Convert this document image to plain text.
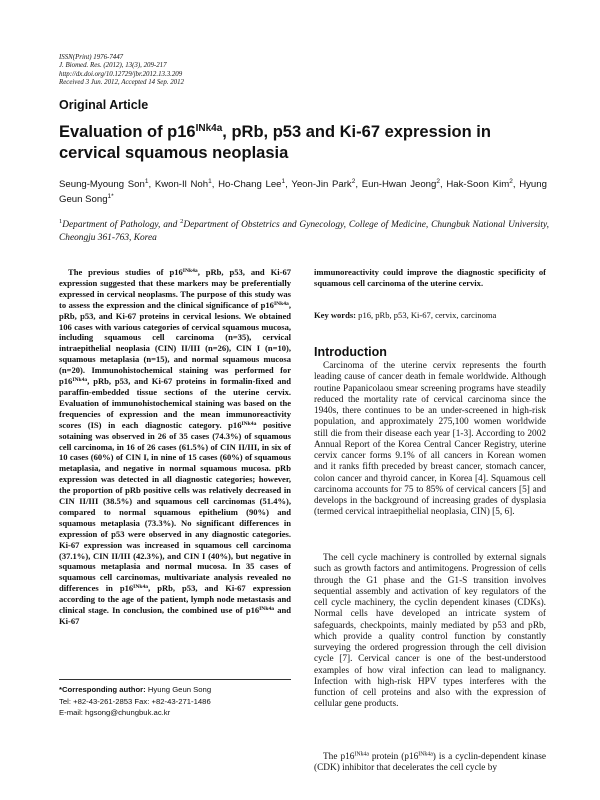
ISSN(Print) 1976-7447
J. Biomed. Res. (2012), 13(3), 209-217
http://dx.doi.org/10.12729/jbr.2012.13.3.209
Received 3 Jun. 2012, Accepted 14 Sep. 2012
Original Article
Evaluation of $p16^{INk4a}$, pRb, p53 and Ki-67 expression in cervical squamous neoplasia
Seung-Myoung Son$^1$, Kwon-Il Noh$^1$, Ho-Chang Lee$^1$, Yeon-Jin Park$^2$, Eun-Hwan Jeong$^2$, Hak-Soon Kim$^2$, Hyung Geun Song$^{1*}$
$^1$Department of Pathology, and $^2$Department of Obstetrics and Gynecology, College of Medicine, Chungbuk National University, Cheongju 361-763, Korea

The previous studies of $p16^{INk4a}$, pRb, p53, and Ki-67 expression suggested that these markers may be preferentially expressed in cervical neoplasms. The purpose of this study was to assess the expression and the clinical significance of $p16^{INk4a}$, pRb, p53, and Ki-67 proteins in cervical lesions. We obtained 106 cases with various categories of cervical squamous mucosa, including squamous cell carcinoma (n=35), cervical intraepithelial neoplasia (CIN) II/III (n=26), CIN I (n=10), squamous metaplasia (n=15), and normal squamous mucosa (n=20). Immunohistochemical staining was performed for $p16^{INk4a}$, pRb, p53, and Ki-67 proteins in formalin-fixed and paraffin-embedded tissue sections of the uterine cervix. Evaluation of immunohistochemical staining was based on the frequencies of expression and the mean immunoreactivity scores (IS) in each diagnostic category. $p16^{INk4a}$ positive sotaining was observed in 26 of 35 cases (74.3%) of squamous cell carcinoma, in 16 of 26 cases (61.5%) of CIN II/III, in six of 10 cases (60%) of CIN I, in nine of 15 cases (60%) of squamous metaplasia, and negative in normal squamous mucosa. pRb expression was detected in all diagnostic categories; however, the proportion of pRb positive cells was relatively decreased in CIN II/III (38.5%) and squamous cell carcinomas (51.4%), compared to normal squamous epithelium (90%) and squamous metaplasia (73.3%). No significant differences in expression of p53 were observed in any diagnostic categories. Ki-67 expression was increased in squamous cell carcinoma (37.1%), CIN II/III (42.3%), and CIN I (40%), but negative in squamous metaplasia and normal mucosa. In 35 cases of squamous cell carcinomas, multivariate analysis revealed no differences in $p16^{INk4a}$, pRb, p53, and Ki-67 expression according to the age of the patient, lymph node metastasis and clinical stage. In conclusion, the combined use of $p16^{INk4a}$ and Ki-67

*Corresponding author: Hyung Geun Song
Tel: +82-43-261-2853 Fax: +82-43-271-1486
E-mail: hgsong@chungbuk.ac.kr

immunoreactivity could improve the diagnostic specificity of squamous cell carcinoma of the uterine cervix.

Key words: p16, pRb, p53, Ki-67, cervix, carcinoma
Introduction

Carcinoma of the uterine cervix represents the fourth leading cause of cancer death in female worldwide. Although routine Papanicolaou smear screening programs have steadily reduced the mortality rate of cervical carcinoma since the 1940s, there continues to be an under-screened in high-risk population, and approximately 275,100 women worldwide still die from their disease each year [1-3]. According to 2002 Annual Report of the Korea Central Cancer Registry, uterine cervix cancer forms 9.1% of all cancers in Korean women and it ranks fifth preceded by breast cancer, stomach cancer, colon cancer and thyroid cancer, in Korea [4]. Squamous cell carcinoma accounts for 75 to 85% of cervical cancers [5] and develops in the background of increasing grades of dysplasia (termed cervical intraepithelial neoplasia, CIN) [5, 6].

The cell cycle machinery is controlled by external signals such as growth factors and antimitogens. Progression of cells through the G1 phase and the G1-S transition involves sequential assembly and activation of key regulators of the cell cycle machinery, the cyclin dependent kinases (CDKs). Normal cells have developed an intricate system of safeguards, checkpoints, mainly mediated by p53 and pRb, which provide a quality control function by constantly surveying the ordered progression through the cell division cycle [7]. Cervical cancer is one of the best-understood examples of how viral infection can lead to malignancy. Infection with high-risk HPV types interferes with the function of cell proteins and also with the expression of cellular gene products.

The $p16^{INk4a}$ protein $(p16^{INk4a})$ is a cyclin-dependent kinase (CDK) inhibitor that decelerates the cell cycle by
